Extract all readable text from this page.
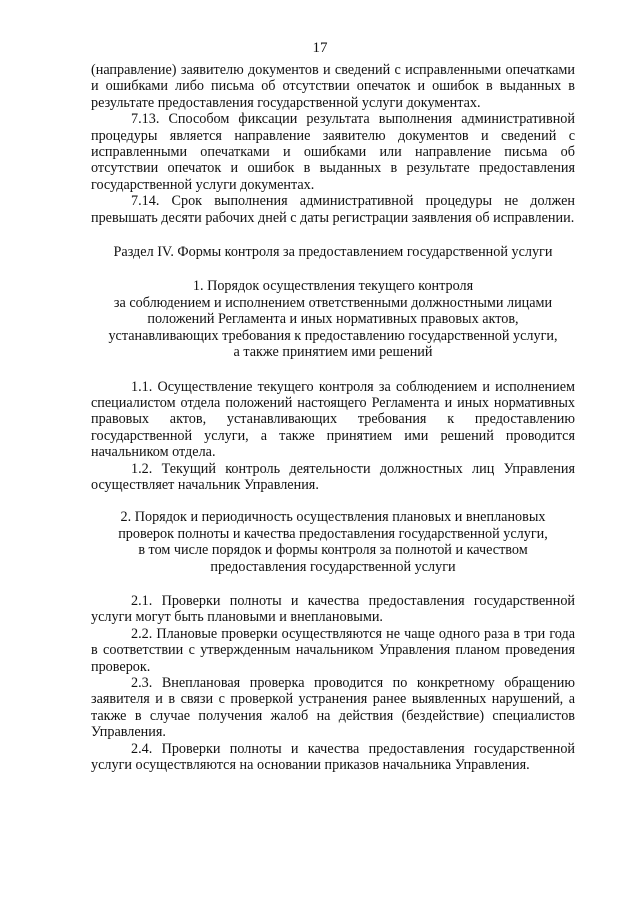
17

(направление) заявителю документов и сведений с исправленными опечатками и ошибками либо письма об отсутствии опечаток и ошибок в выданных в результате предоставления государственной услуги документах.

7.13. Способом фиксации результата выполнения административной процедуры является направление заявителю документов и сведений с исправленными опечатками и ошибками или направление письма об отсутствии опечаток и ошибок в выданных в результате предоставления государственной услуги документах.

7.14. Срок выполнения административной процедуры не должен превышать десяти рабочих дней с даты регистрации заявления об исправлении.

Раздел IV. Формы контроля за предоставлением государственной услуги
1. Порядок осуществления текущего контроля
за соблюдением и исполнением ответственными должностными лицами
положений Регламента и иных нормативных правовых актов,
устанавливающих требования к предоставлению государственной услуги,
а также принятием ими решений

1.1. Осуществление текущего контроля за соблюдением и исполнением специалистом отдела положений настоящего Регламента и иных нормативных правовых актов, устанавливающих требования к предоставлению государственной услуги, а также принятием ими решений проводится начальником отдела.

1.2. Текущий контроль деятельности должностных лиц Управления осуществляет начальник Управления.

2. Порядок и периодичность осуществления плановых и внеплановых
проверок полноты и качества предоставления государственной услуги,
в том числе порядок и формы контроля за полнотой и качеством
предоставления государственной услуги

2.1. Проверки полноты и качества предоставления государственной услуги могут быть плановыми и внеплановыми.

2.2. Плановые проверки осуществляются не чаще одного раза в три года в соответствии с утвержденным начальником Управления планом проведения проверок.

2.3. Внеплановая проверка проводится по конкретному обращению заявителя и в связи с проверкой устранения ранее выявленных нарушений, а также в случае получения жалоб на действия (бездействие) специалистов Управления.

2.4. Проверки полноты и качества предоставления государственной услуги осуществляются на основании приказов начальника Управления.
